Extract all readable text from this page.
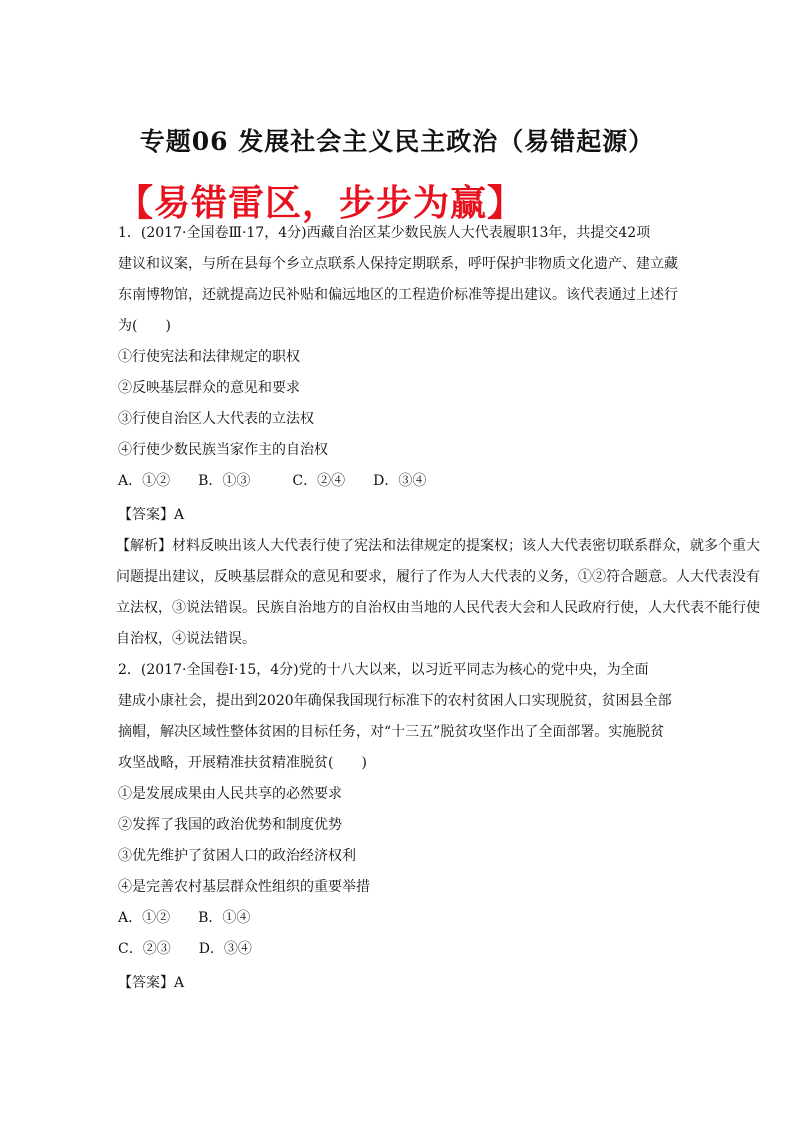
专题06 发展社会主义民主政治（易错起源）
【易错雷区，步步为赢】
1．(2017·全国卷Ⅲ·17，4分)西藏自治区某少数民族人大代表履职13年，共提交42项
建议和议案，与所在县每个乡立点联系人保持定期联系，呼吁保护非物质文化遗产、建立藏
东南博物馆，还就提高边民补贴和偏远地区的工程造价标准等提出建议。该代表通过上述行
为(　　)
①行使宪法和法律规定的职权
②反映基层群众的意见和要求
③行使自治区人大代表的立法权
④行使少数民族当家作主的自治权
A．①②　　B．①③　　　C．②④　　D．③④
【答案】A
【解析】材料反映出该人大代表行使了宪法和法律规定的提案权；该人大代表密切联系群众，就多个重大
问题提出建议，反映基层群众的意见和要求，履行了作为人大代表的义务，①②符合题意。人大代表没有
立法权，③说法错误。民族自治地方的自治权由当地的人民代表大会和人民政府行使，人大代表不能行使
自治权，④说法错误。
2．(2017·全国卷Ⅰ·15，4分)党的十八大以来，以习近平同志为核心的党中央，为全面
建成小康社会，提出到2020年确保我国现行标准下的农村贫困人口实现脱贫，贫困县全部
摘帽，解决区域性整体贫困的目标任务，对“十三五”脱贫攻坚作出了全面部署。实施脱贫
攻坚战略，开展精准扶贫精准脱贫(　　)
①是发展成果由人民共享的必然要求
②发挥了我国的政治优势和制度优势
③优先维护了贫困人口的政治经济权利
④是完善农村基层群众性组织的重要举措
A．①②　　B．①④
C．②③　　D．③④
【答案】A
